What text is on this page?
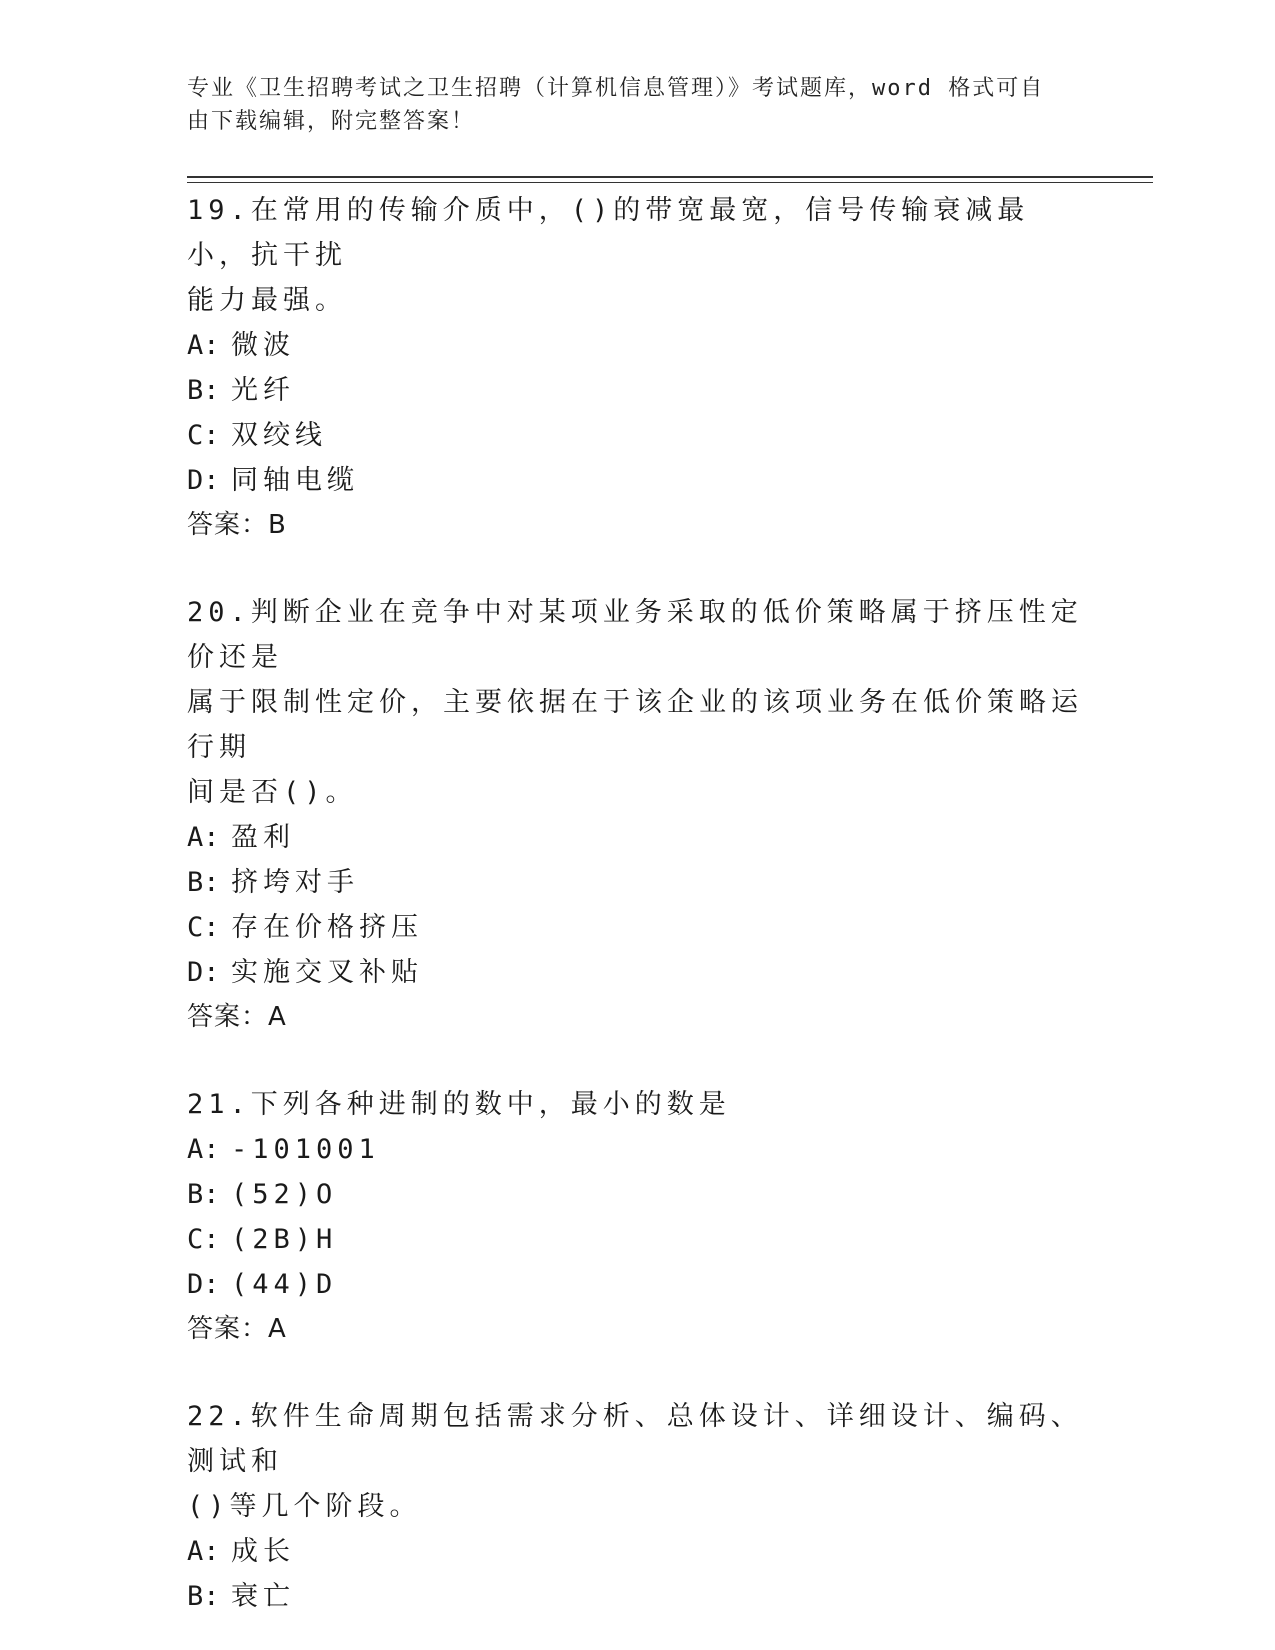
专业《卫生招聘考试之卫生招聘（计算机信息管理）》考试题库，word 格式可自
由下载编辑，附完整答案！

19.在常用的传输介质中，()的带宽最宽，信号传输衰减最小，抗干扰

能力最强。

A: 微波

B: 光纤

C: 双绞线

D: 同轴电缆

答案：B

20.判断企业在竞争中对某项业务采取的低价策略属于挤压性定价还是

属于限制性定价，主要依据在于该企业的该项业务在低价策略运行期

间是否()。

A: 盈利

B: 挤垮对手

C: 存在价格挤压

D: 实施交叉补贴

答案：A

21.下列各种进制的数中，最小的数是

A: -101001

B: (52)O

C: (2B)H

D: (44)D

答案：A

22.软件生命周期包括需求分析、总体设计、详细设计、编码、测试和

()等几个阶段。

A: 成长

B: 衰亡
